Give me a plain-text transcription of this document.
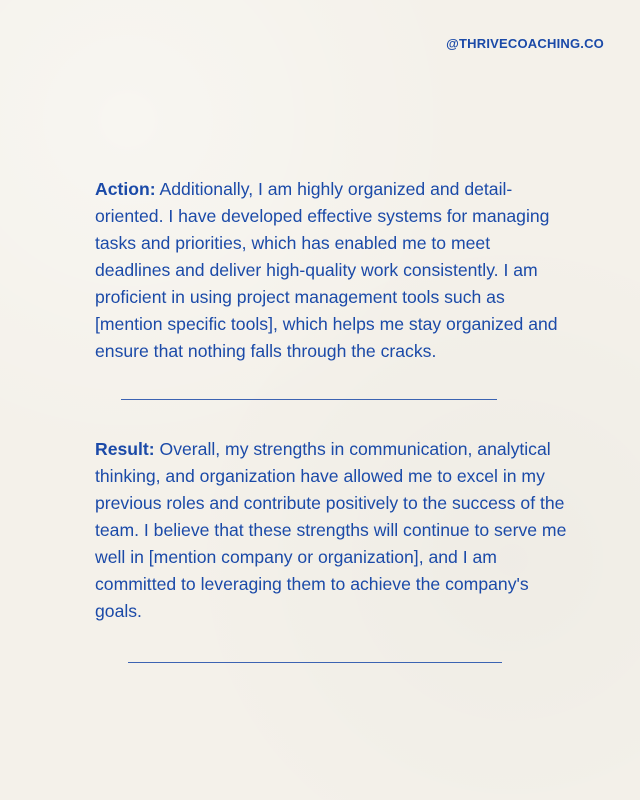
@THRIVECOACHING.CO
Action: Additionally, I am highly organized and detail-oriented. I have developed effective systems for managing tasks and priorities, which has enabled me to meet deadlines and deliver high-quality work consistently. I am proficient in using project management tools such as [mention specific tools], which helps me stay organized and ensure that nothing falls through the cracks.
Result: Overall, my strengths in communication, analytical thinking, and organization have allowed me to excel in my previous roles and contribute positively to the success of the team. I believe that these strengths will continue to serve me well in [mention company or organization], and I am committed to leveraging them to achieve the company's goals.
